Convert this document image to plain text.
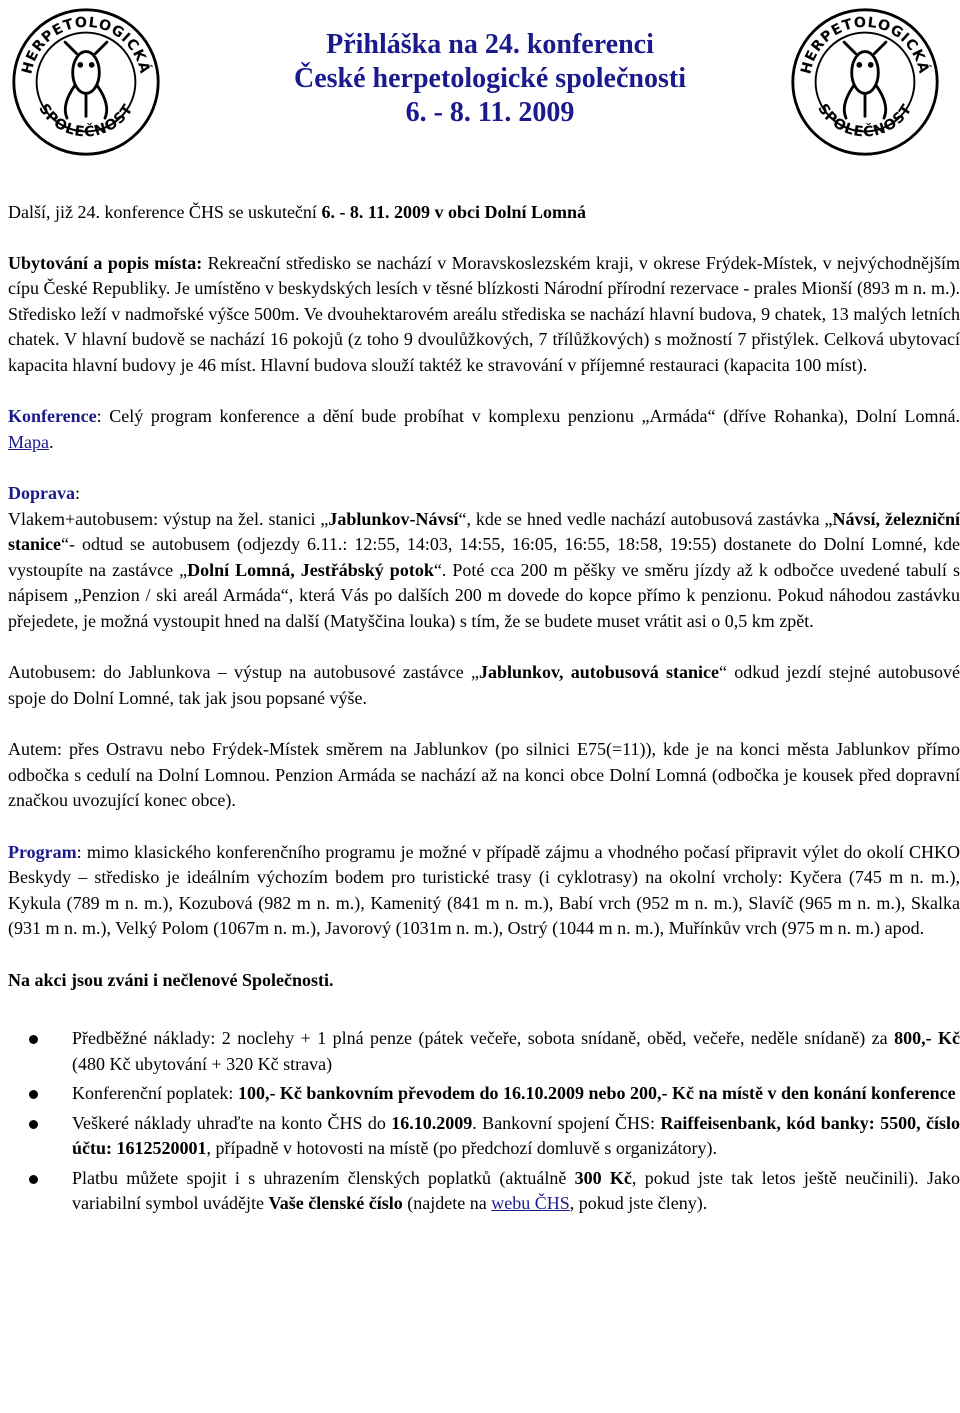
HERPETOLOGICKÁ
SPOLEČNOST
HERPETOLOGICKÁ
SPOLEČNOST
Přihláška na 24. konferenci
České herpetologické společnosti
6. - 8. 11. 2009

Další, již 24. konference ČHS se uskuteční 6. - 8. 11. 2009 v obci Dolní Lomná

Ubytování a popis místa: Rekreační středisko se nachází v Moravskoslezském kraji, v okrese Frýdek-Místek, v nejvýchodnějším cípu České Republiky. Je umístěno v beskydských lesích v těsné blízkosti Národní přírodní rezervace - prales Mionší (893 m n. m.). Středisko leží v nadmořské výšce 500m. Ve dvouhektarovém areálu střediska se nachází hlavní budova, 9 chatek, 13 malých letních chatek. V hlavní budově se nachází 16 pokojů (z toho 9 dvoulůžkových, 7 třílůžkových) s možností 7 přistýlek. Celková ubytovací kapacita hlavní budovy je 46 míst. Hlavní budova slouží taktéž ke stravování v příjemné restauraci (kapacita 100 míst).

Konference: Celý program konference a dění bude probíhat v komplexu penzionu „Armáda“ (dříve Rohanka), Dolní Lomná. Mapa.

Doprava:

Vlakem+autobusem: výstup na žel. stanici „Jablunkov-Návsí“, kde se hned vedle nachází autobusová zastávka „Návsí, železniční stanice“- odtud se autobusem (odjezdy 6.11.: 12:55, 14:03, 14:55, 16:05, 16:55, 18:58, 19:55) dostanete do Dolní Lomné, kde vystoupíte na zastávce „Dolní Lomná, Jestřábský potok“. Poté cca 200 m pěšky ve směru jízdy až k odbočce uvedené tabulí s nápisem „Penzion / ski areál Armáda“, která Vás po dalších 200 m dovede do kopce přímo k penzionu. Pokud náhodou zastávku přejedete, je možná vystoupit hned na další (Matyščina louka) s tím, že se budete muset vrátit asi o 0,5 km zpět.

Autobusem: do Jablunkova – výstup na autobusové zastávce „Jablunkov, autobusová stanice“ odkud jezdí stejné autobusové spoje do Dolní Lomné, tak jak jsou popsané výše.

Autem: přes Ostravu nebo Frýdek-Místek směrem na Jablunkov (po silnici E75(=11)), kde je na konci města Jablunkov přímo odbočka s cedulí na Dolní Lomnou. Penzion Armáda se nachází až na konci obce Dolní Lomná (odbočka je kousek před dopravní značkou uvozující konec obce).

Program: mimo klasického konferenčního programu je možné v případě zájmu a vhodného počasí připravit výlet do okolí CHKO Beskydy – středisko je ideálním výchozím bodem pro turistické trasy (i cyklotrasy) na okolní vrcholy: Kyčera (745 m n. m.), Kykula (789 m n. m.), Kozubová (982 m n. m.), Kamenitý (841 m n. m.), Babí vrch (952 m n. m.), Slavíč (965 m n. m.), Skalka (931 m n. m.), Velký Polom (1067m n. m.), Javorový (1031m n. m.), Ostrý (1044 m n. m.), Muřínkův vrch (975 m n. m.) apod.

Na akci jsou zváni i nečlenové Společnosti.

Předběžné náklady: 2 noclehy + 1 plná penze (pátek večeře, sobota snídaně, oběd, večeře, neděle snídaně) za 800,- Kč (480 Kč ubytování + 320 Kč strava)
Konferenční poplatek: 100,- Kč bankovním převodem do 16.10.2009 nebo 200,- Kč na místě v den konání konference
Veškeré náklady uhraďte na konto ČHS do 16.10.2009. Bankovní spojení ČHS: Raiffeisenbank, kód banky: 5500, číslo účtu: 1612520001, případně v hotovosti na místě (po předchozí domluvě s organizátory).
Platbu můžete spojit i s uhrazením členských poplatků (aktuálně 300 Kč, pokud jste tak letos ještě neučinili). Jako variabilní symbol uvádějte Vaše členské číslo (najdete na webu ČHS, pokud jste členy).
